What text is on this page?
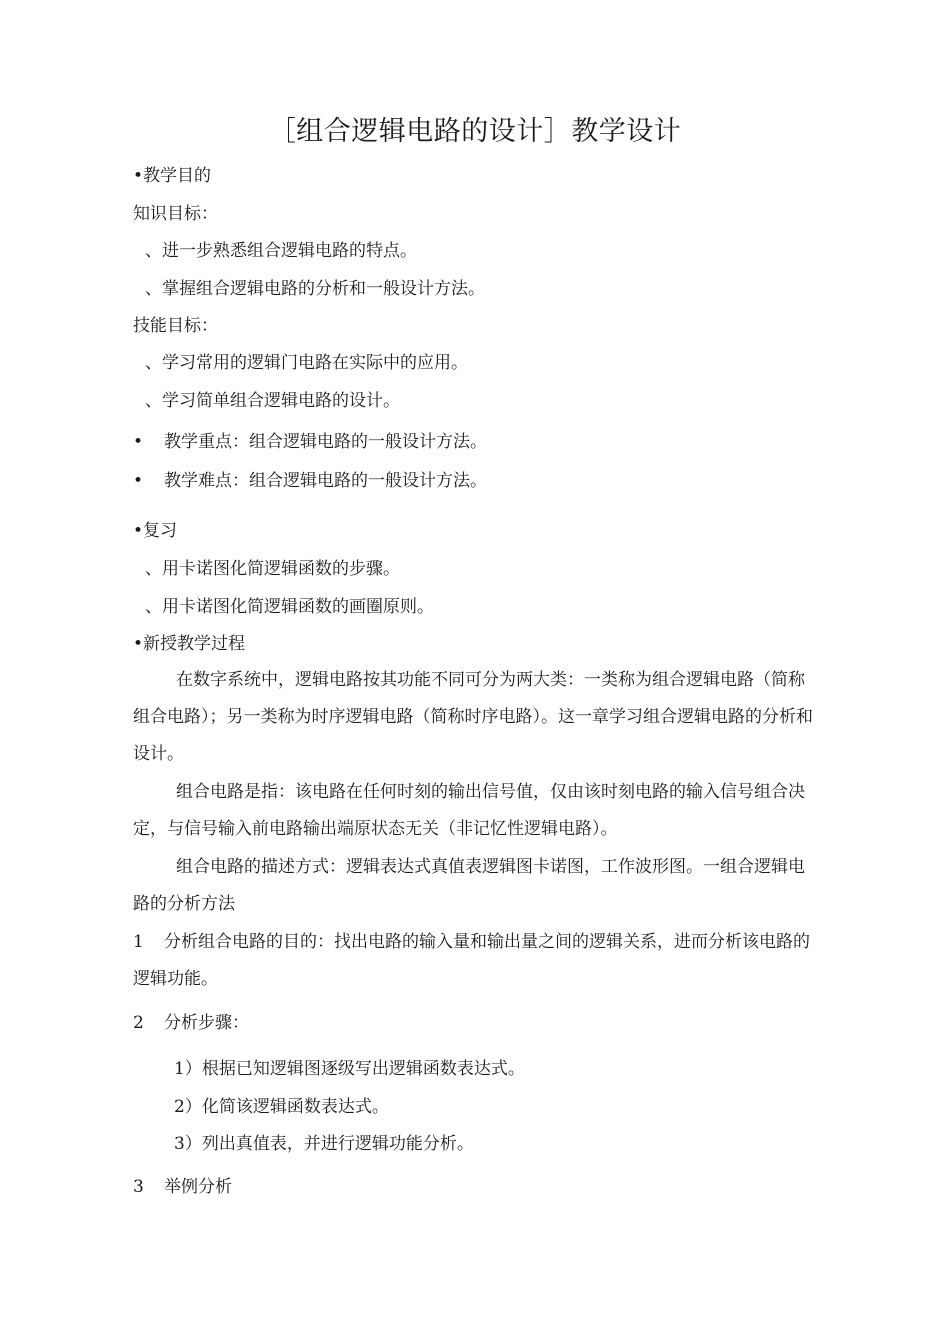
［组合逻辑电路的设计］教学设计
•教学目的
知识目标：
、进一步熟悉组合逻辑电路的特点。
、掌握组合逻辑电路的分析和一般设计方法。
技能目标：
、学习常用的逻辑门电路在实际中的应用。
、学习简单组合逻辑电路的设计。
• 教学重点：组合逻辑电路的一般设计方法。
• 教学难点：组合逻辑电路的一般设计方法。
•复习
、用卡诺图化简逻辑函数的步骤。
、用卡诺图化简逻辑函数的画圈原则。
•新授教学过程
在数字系统中，逻辑电路按其功能不同可分为两大类：一类称为组合逻辑电路（简称组合电路）；另一类称为时序逻辑电路（简称时序电路）。这一章学习组合逻辑电路的分析和设计。
组合电路是指：该电路在任何时刻的输出信号值，仅由该时刻电路的输入信号组合决定，与信号输入前电路输出端原状态无关（非记忆性逻辑电路）。
组合电路的描述方式：逻辑表达式真值表逻辑图卡诺图，工作波形图。一组合逻辑电路的分析方法
1 分析组合电路的目的：找出电路的输入量和输出量之间的逻辑关系，进而分析该电路的逻辑功能。
2 分析步骤：
1）根据已知逻辑图逐级写出逻辑函数表达式。
2）化简该逻辑函数表达式。
3）列出真值表，并进行逻辑功能分析。
3 举例分析
